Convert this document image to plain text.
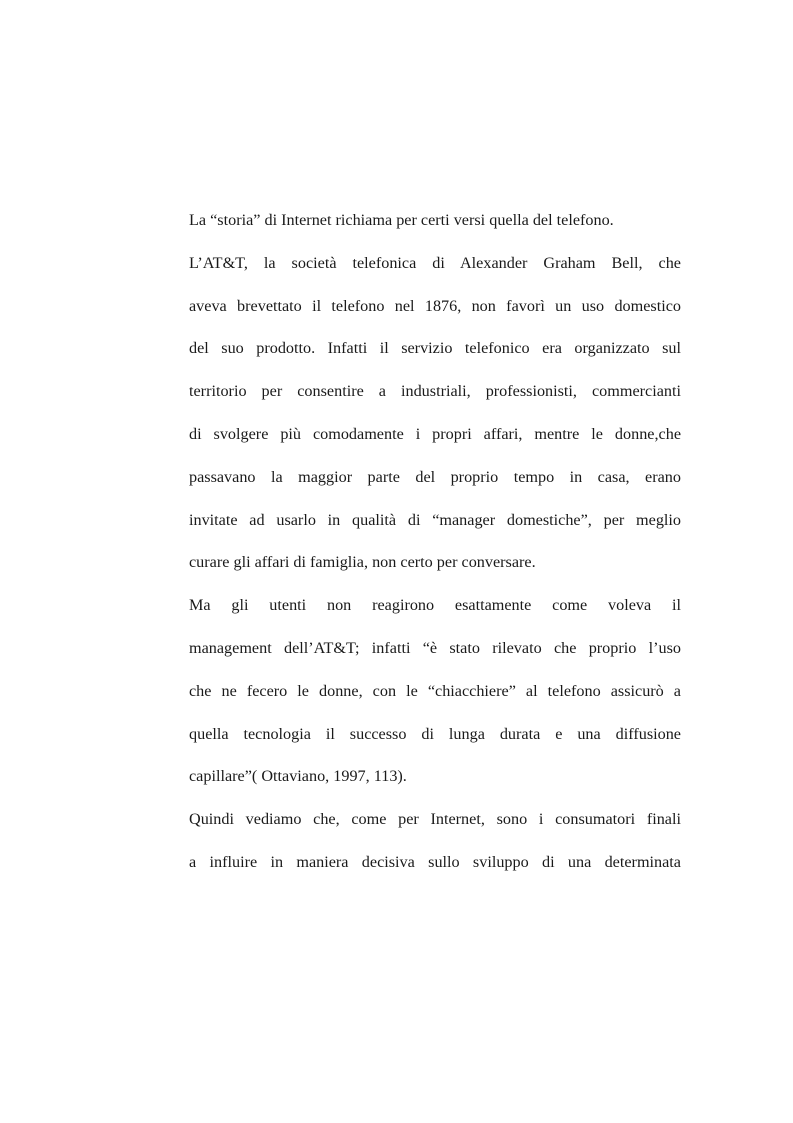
La “storia” di Internet richiama per certi versi quella del telefono.
L’AT&T, la società telefonica di Alexander Graham Bell, che
aveva brevettato il telefono nel 1876, non favorì un uso domestico
del suo prodotto. Infatti il servizio telefonico era organizzato sul
territorio per consentire a industriali, professionisti, commercianti
di svolgere più comodamente i propri affari, mentre le donne,che
passavano la maggior parte del proprio tempo in casa, erano
invitate ad usarlo in qualità di “manager domestiche”, per meglio
curare gli affari di famiglia, non certo per conversare.
Ma gli utenti non reagirono esattamente come voleva il
management dell’AT&T; infatti “è stato rilevato che proprio l’uso
che ne fecero le donne, con le “chiacchiere” al telefono assicurò a
quella tecnologia il successo di lunga durata e una diffusione
capillare”( Ottaviano, 1997, 113).
Quindi vediamo che, come per Internet, sono i consumatori finali
a influire in maniera decisiva sullo sviluppo di una determinata
